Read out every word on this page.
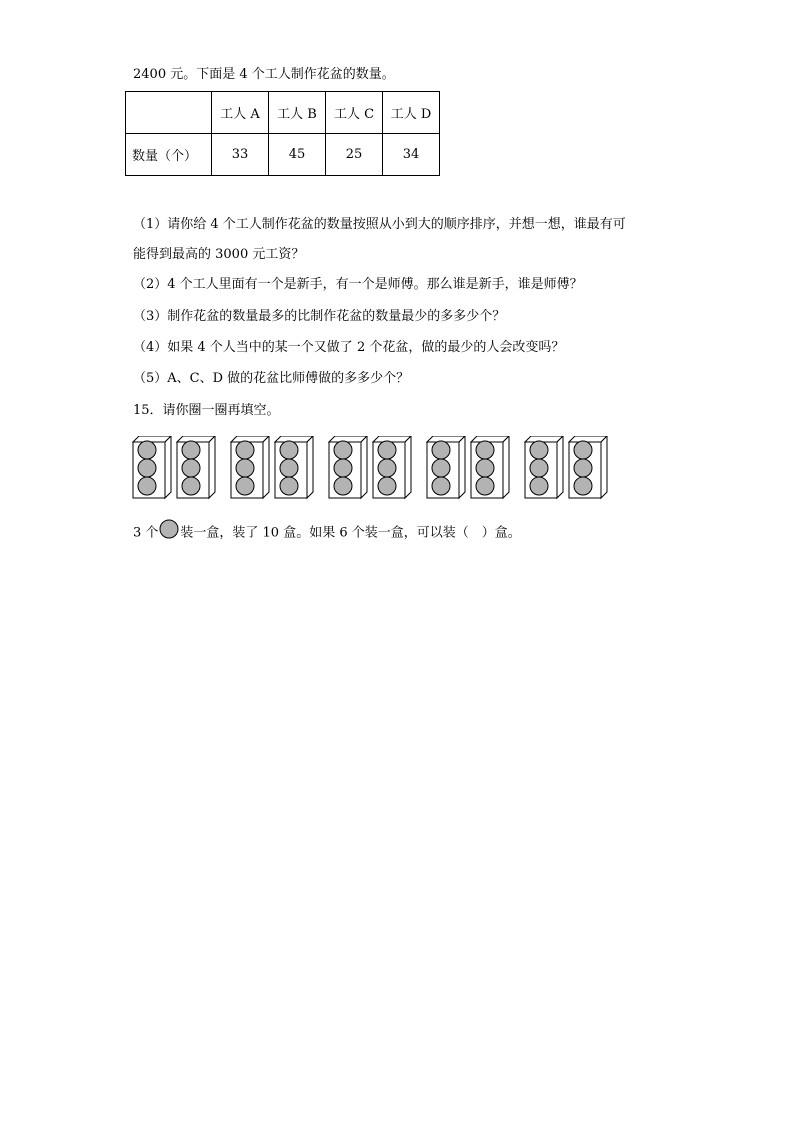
2400 元。下面是 4 个工人制作花盆的数量。
	工人 A	工人 B	工人 C	工人 D
数量（个）	33	45	25	34
（1）请你给 4 个工人制作花盆的数量按照从小到大的顺序排序，并想一想，谁最有可
能得到最高的 3000 元工资？
（2）4 个工人里面有一个是新手，有一个是师傅。那么谁是新手，谁是师傅？
（3）制作花盆的数量最多的比制作花盆的数量最少的多多少个？
（4）如果 4 个人当中的某一个又做了 2 个花盆，做的最少的人会改变吗？
（5）A、C、D 做的花盆比师傅做的多多少个？
15．请你圈一圈再填空。
3 个 装一盒，装了 10 盒。如果 6 个装一盒，可以装（　）盒。
